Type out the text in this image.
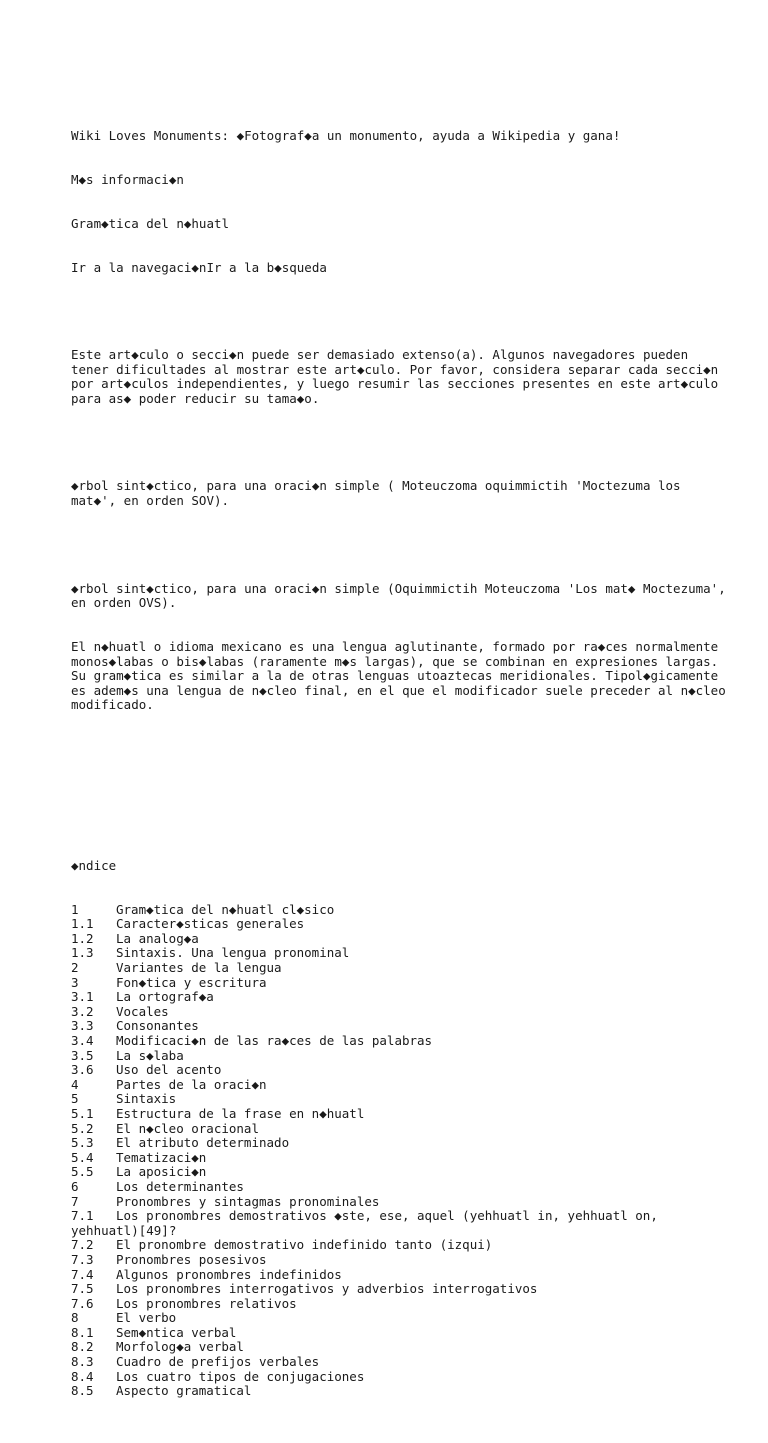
Wiki Loves Monuments: ◆Fotograf◆a un monumento, ayuda a Wikipedia y gana!

M◆s informaci◆n

Gram◆tica del n◆huatl

Ir a la navegaci◆nIr a la b◆squeda

Este art◆culo o secci◆n puede ser demasiado extenso(a). Algunos navegadores pueden tener dificultades al mostrar este art◆culo. Por favor, considera separar cada secci◆n por art◆culos independientes, y luego resumir las secciones presentes en este art◆culo para as◆ poder reducir su tama◆o.

◆rbol sint◆ctico, para una oraci◆n simple ( Moteuczoma oquimmictih 'Moctezuma los mat◆', en orden SOV).

◆rbol sint◆ctico, para una oraci◆n simple (Oquimmictih Moteuczoma 'Los mat◆ Moctezuma', en orden OVS).

El n◆huatl o idioma mexicano es una lengua aglutinante, formado por ra◆ces normalmente monos◆labas o bis◆labas (raramente m◆s largas), que se combinan en expresiones largas. Su gram◆tica es similar a la de otras lenguas utoaztecas meridionales. Tipol◆gicamente es adem◆s una lengua de n◆cleo final, en el que el modificador suele preceder al n◆cleo modificado.

◆ndice

1	Gram◆tica del n◆huatl cl◆sico
1.1 Caracter◆sticas generales
1.2 La analog◆a
1.3 Sintaxis. Una lengua pronominal
2	Variantes de la lengua
3	Fon◆tica y escritura
3.1 La ortograf◆a
3.2 Vocales
3.3 Consonantes
3.4 Modificaci◆n de las ra◆ces de las palabras
3.5 La s◆laba
3.6 Uso del acento
4	Partes de la oraci◆n
5	Sintaxis
5.1 Estructura de la frase en n◆huatl
5.2 El n◆cleo oracional
5.3 El atributo determinado
5.4 Tematizaci◆n
5.5 La aposici◆n
6	Los determinantes
7	Pronombres y sintagmas pronominales
7.1 Los pronombres demostrativos ◆ste, ese, aquel (yehhuatl in, yehhuatl on, yehhuatl)[49]?
7.2 El pronombre demostrativo indefinido tanto (izqui)
7.3 Pronombres posesivos
7.4 Algunos pronombres indefinidos
7.5 Los pronombres interrogativos y adverbios interrogativos
7.6 Los pronombres relativos
8	El verbo
8.1 Sem◆ntica verbal
8.2 Morfolog◆a verbal
8.3 Cuadro de prefijos verbales
8.4 Los cuatro tipos de conjugaciones
8.5 Aspecto gramatical
